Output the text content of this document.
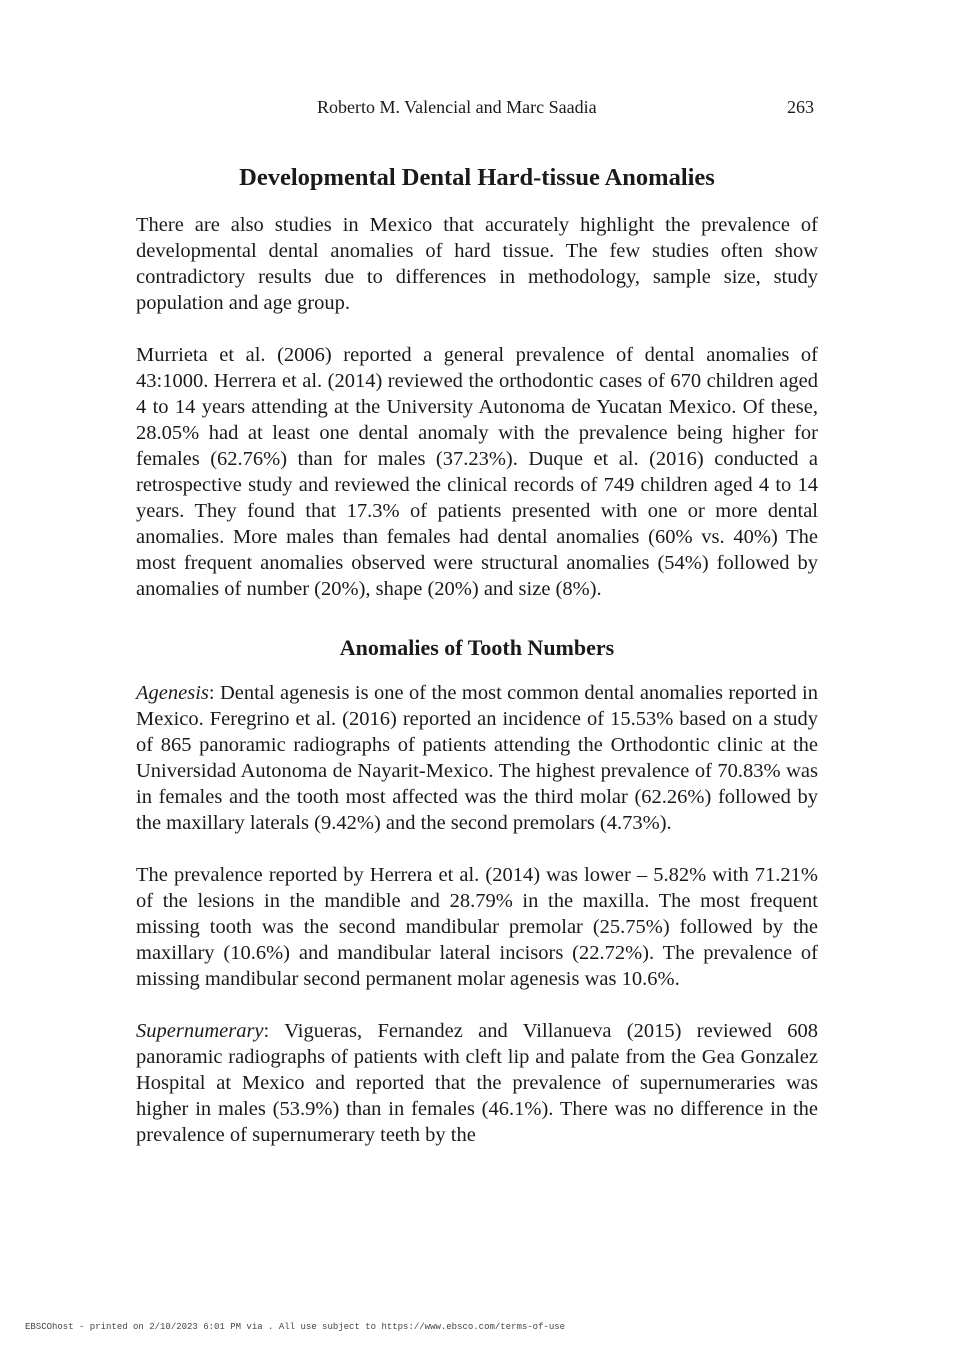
Roberto M. Valencial and Marc Saadia	263
Developmental Dental Hard-tissue Anomalies

There are also studies in Mexico that accurately highlight the prevalence of developmental dental anomalies of hard tissue. The few studies often show contradictory results due to differences in methodology, sample size, study population and age group.

Murrieta et al. (2006) reported a general prevalence of dental anomalies of 43:1000. Herrera et al. (2014) reviewed the orthodontic cases of 670 children aged 4 to 14 years attending at the University Autonoma de Yucatan Mexico. Of these, 28.05% had at least one dental anomaly with the prevalence being higher for females (62.76%) than for males (37.23%). Duque et al. (2016) conducted a retrospective study and reviewed the clinical records of 749 children aged 4 to 14 years. They found that 17.3% of patients presented with one or more dental anomalies. More males than females had dental anomalies (60% vs. 40%) The most frequent anomalies observed were structural anomalies (54%) followed by anomalies of number (20%), shape (20%) and size (8%).

Anomalies of Tooth Numbers

Agenesis: Dental agenesis is one of the most common dental anomalies reported in Mexico. Feregrino et al. (2016) reported an incidence of 15.53% based on a study of 865 panoramic radiographs of patients attending the Orthodontic clinic at the Universidad Autonoma de Nayarit-Mexico. The highest prevalence of 70.83% was in females and the tooth most affected was the third molar (62.26%) followed by the maxillary laterals (9.42%) and the second premolars (4.73%).

The prevalence reported by Herrera et al. (2014) was lower – 5.82% with 71.21% of the lesions in the mandible and 28.79% in the maxilla. The most frequent missing tooth was the second mandibular premolar (25.75%) followed by the maxillary (10.6%) and mandibular lateral incisors (22.72%). The prevalence of missing mandibular second permanent molar agenesis was 10.6%.

Supernumerary: Vigueras, Fernandez and Villanueva (2015) reviewed 608 panoramic radiographs of patients with cleft lip and palate from the Gea Gonzalez Hospital at Mexico and reported that the prevalence of supernumeraries was higher in males (53.9%) than in females (46.1%). There was no difference in the prevalence of supernumerary teeth by the

EBSCOhost - printed on 2/10/2023 6:01 PM via . All use subject to https://www.ebsco.com/terms-of-use
